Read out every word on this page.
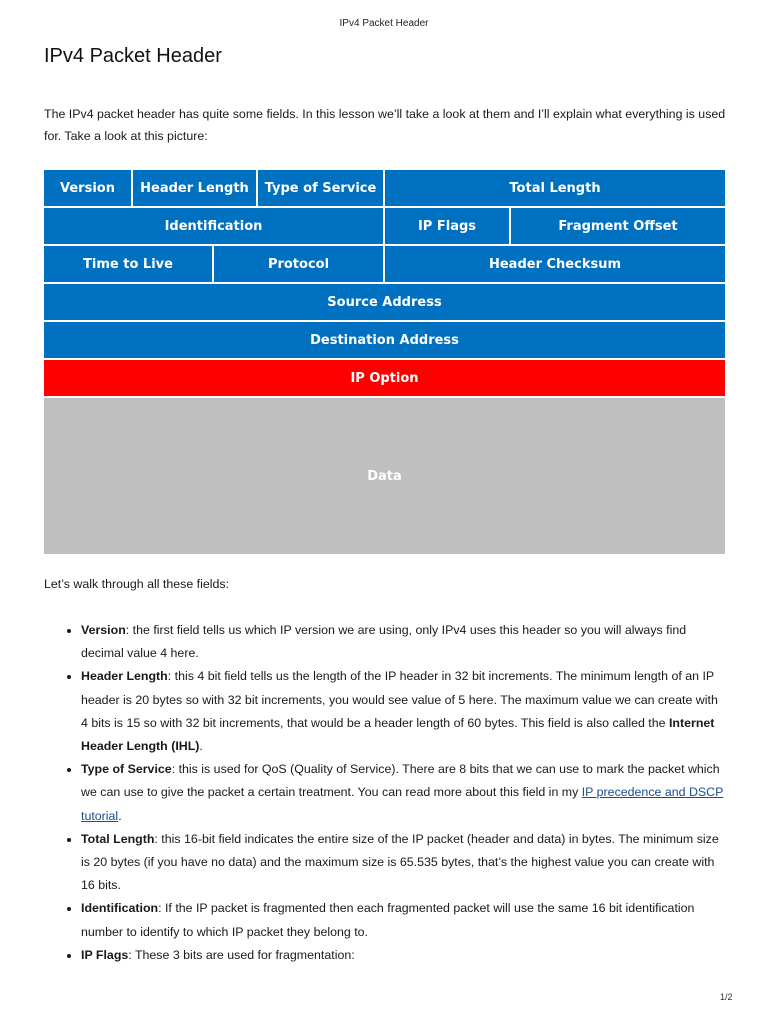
IPv4 Packet Header
IPv4 Packet Header

The IPv4 packet header has quite some fields. In this lesson we’ll take a look at them and I’ll explain what everything is used for. Take a look at this picture:

Version	Header Length	Type of Service	Total Length
Identification	IP Flags	Fragment Offset
Time to Live	Protocol	Header Checksum
Source Address
Destination Address
IP Option
Data

Let’s walk through all these fields:

• Version: the first field tells us which IP version we are using, only IPv4 uses this header so you will always find decimal value 4 here.
• Header Length: this 4 bit field tells us the length of the IP header in 32 bit increments. The minimum length of an IP header is 20 bytes so with 32 bit increments, you would see value of 5 here. The maximum value we can create with 4 bits is 15 so with 32 bit increments, that would be a header length of 60 bytes. This field is also called the Internet Header Length (IHL).
• Type of Service: this is used for QoS (Quality of Service). There are 8 bits that we can use to mark the packet which we can use to give the packet a certain treatment. You can read more about this field in my IP precedence and DSCP tutorial.
• Total Length: this 16-bit field indicates the entire size of the IP packet (header and data) in bytes. The minimum size is 20 bytes (if you have no data) and the maximum size is 65.535 bytes, that’s the highest value you can create with 16 bits.
• Identification: If the IP packet is fragmented then each fragmented packet will use the same 16 bit identification number to identify to which IP packet they belong to.
• IP Flags: These 3 bits are used for fragmentation:
1/2
